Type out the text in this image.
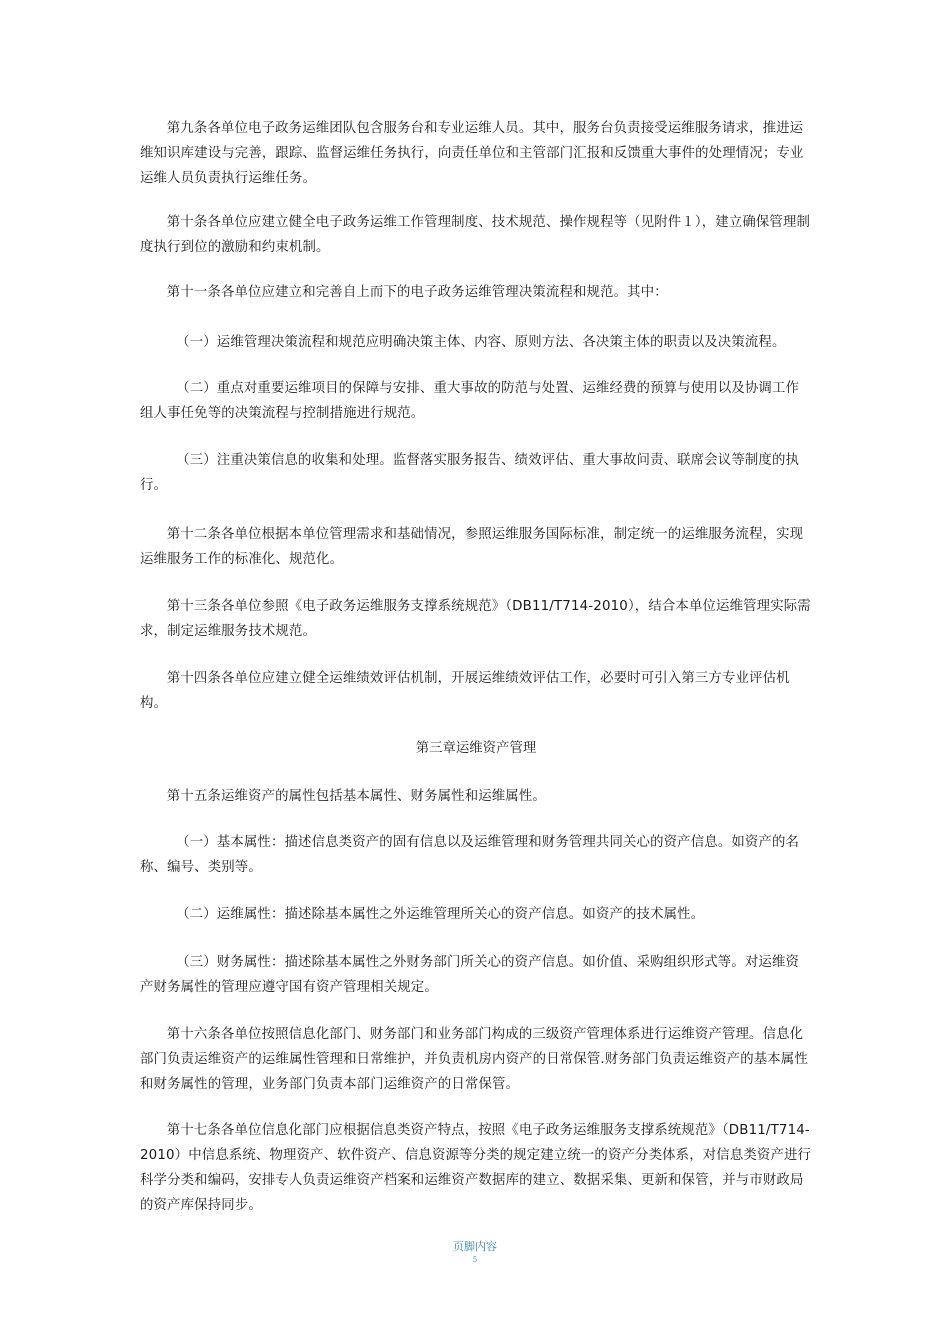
第九条各单位电子政务运维团队包含服务台和专业运维人员。其中，服务台负责接受运维服务请求，推进运维知识库建设与完善，跟踪、监督运维任务执行，向责任单位和主管部门汇报和反馈重大事件的处理情况；专业运维人员负责执行运维任务。

第十条各单位应建立健全电子政务运维工作管理制度、技术规范、操作规程等（见附件１），建立确保管理制度执行到位的激励和约束机制。

第十一条各单位应建立和完善自上而下的电子政务运维管理决策流程和规范。其中：

（一）运维管理决策流程和规范应明确决策主体、内容、原则方法、各决策主体的职责以及决策流程。

（二）重点对重要运维项目的保障与安排、重大事故的防范与处置、运维经费的预算与使用以及协调工作组人事任免等的决策流程与控制措施进行规范。

（三）注重决策信息的收集和处理。监督落实服务报告、绩效评估、重大事故问责、联席会议等制度的执行。

第十二条各单位根据本单位管理需求和基础情况，参照运维服务国际标准，制定统一的运维服务流程，实现运维服务工作的标准化、规范化。

第十三条各单位参照《电子政务运维服务支撑系统规范》（DB11/T714-2010），结合本单位运维管理实际需求，制定运维服务技术规范。

第十四条各单位应建立健全运维绩效评估机制，开展运维绩效评估工作，必要时可引入第三方专业评估机构。

第三章运维资产管理

第十五条运维资产的属性包括基本属性、财务属性和运维属性。

（一）基本属性：描述信息类资产的固有信息以及运维管理和财务管理共同关心的资产信息。如资产的名称、编号、类别等。

（二）运维属性：描述除基本属性之外运维管理所关心的资产信息。如资产的技术属性。

（三）财务属性：描述除基本属性之外财务部门所关心的资产信息。如价值、采购组织形式等。对运维资产财务属性的管理应遵守国有资产管理相关规定。

第十六条各单位按照信息化部门、财务部门和业务部门构成的三级资产管理体系进行运维资产管理。信息化部门负责运维资产的运维属性管理和日常维护，并负责机房内资产的日常保管.财务部门负责运维资产的基本属性和财务属性的管理，业务部门负责本部门运维资产的日常保管。

第十七条各单位信息化部门应根据信息类资产特点，按照《电子政务运维服务支撑系统规范》（DB11/T714-2010）中信息系统、物理资产、软件资产、信息资源等分类的规定建立统一的资产分类体系，对信息类资产进行科学分类和编码，安排专人负责运维资产档案和运维资产数据库的建立、数据采集、更新和保管，并与市财政局的资产库保持同步。

页脚内容

5
